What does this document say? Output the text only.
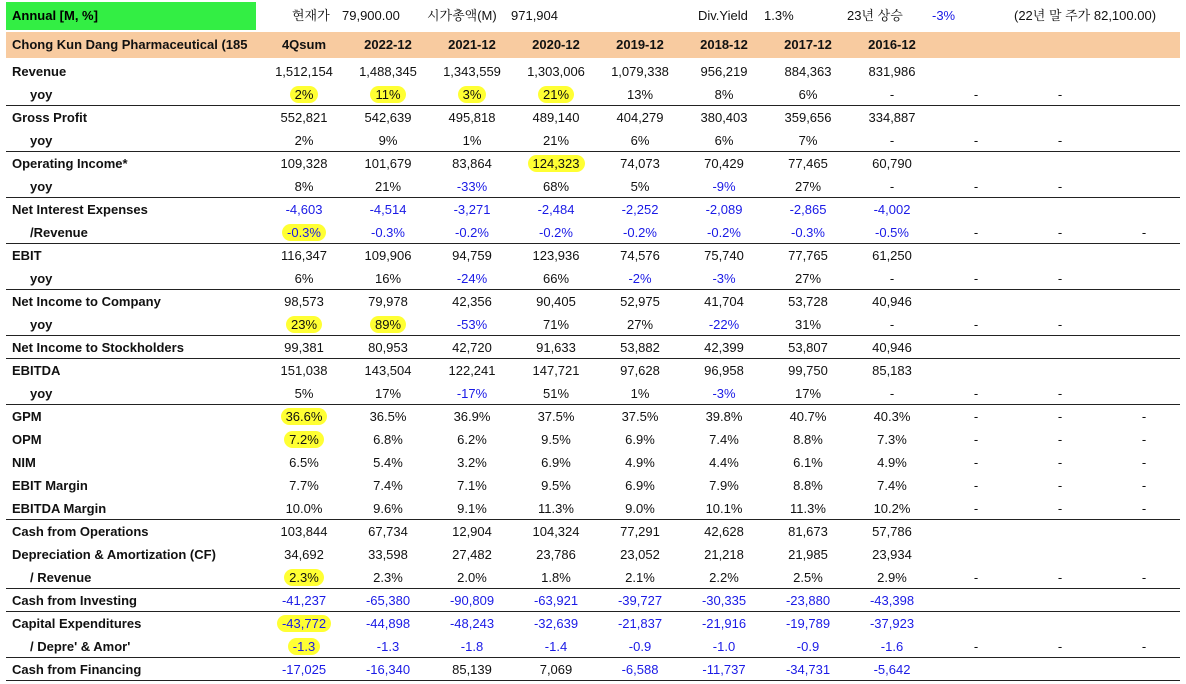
Annual [M, %]	현재가 79,900.00 시가총액(M) 971,904	Div.Yield 1.3%	23년 상승 -3%	(22년 말 주가 82,100.00)
Chong Kun Dang Pharmaceutical (185	4Qsum	2022-12	2021-12	2020-12	2019-12	2018-12	2017-12	2016-12
Revenue	1,512,154	1,488,345	1,343,559	1,303,006	1,079,338	956,219	884,363	831,986
yoy	2%	11%	3%	21%	13%	8%	6%	-	-	-
Gross Profit	552,821	542,639	495,818	489,140	404,279	380,403	359,656	334,887
yoy	2%	9%	1%	21%	6%	6%	7%	-	-	-
Operating Income*	109,328	101,679	83,864	124,323	74,073	70,429	77,465	60,790
yoy	8%	21%	-33%	68%	5%	-9%	27%	-	-	-
Net Interest Expenses	-4,603	-4,514	-3,271	-2,484	-2,252	-2,089	-2,865	-4,002
/Revenue	-0.3%	-0.3%	-0.2%	-0.2%	-0.2%	-0.2%	-0.3%	-0.5%	-	-	-
EBIT	116,347	109,906	94,759	123,936	74,576	75,740	77,765	61,250
yoy	6%	16%	-24%	66%	-2%	-3%	27%	-	-	-
Net Income to Company	98,573	79,978	42,356	90,405	52,975	41,704	53,728	40,946
yoy	23%	89%	-53%	71%	27%	-22%	31%	-	-	-
Net Income to Stockholders	99,381	80,953	42,720	91,633	53,882	42,399	53,807	40,946
EBITDA	151,038	143,504	122,241	147,721	97,628	96,958	99,750	85,183
yoy	5%	17%	-17%	51%	1%	-3%	17%	-	-	-
GPM	36.6%	36.5%	36.9%	37.5%	37.5%	39.8%	40.7%	40.3%	-	-	-
OPM	7.2%	6.8%	6.2%	9.5%	6.9%	7.4%	8.8%	7.3%	-	-	-
NIM	6.5%	5.4%	3.2%	6.9%	4.9%	4.4%	6.1%	4.9%	-	-	-
EBIT Margin	7.7%	7.4%	7.1%	9.5%	6.9%	7.9%	8.8%	7.4%	-	-	-
EBITDA Margin	10.0%	9.6%	9.1%	11.3%	9.0%	10.1%	11.3%	10.2%	-	-	-
Cash from Operations	103,844	67,734	12,904	104,324	77,291	42,628	81,673	57,786
Depreciation & Amortization (CF)	34,692	33,598	27,482	23,786	23,052	21,218	21,985	23,934
/ Revenue	2.3%	2.3%	2.0%	1.8%	2.1%	2.2%	2.5%	2.9%	-	-	-
Cash from Investing	-41,237	-65,380	-90,809	-63,921	-39,727	-30,335	-23,880	-43,398
Capital Expenditures	-43,772	-44,898	-48,243	-32,639	-21,837	-21,916	-19,789	-37,923
/ Depre' & Amor'	-1.3	-1.3	-1.8	-1.4	-0.9	-1.0	-0.9	-1.6	-	-	-
Cash from Financing	-17,025	-16,340	85,139	7,069	-6,588	-11,737	-34,731	-5,642
